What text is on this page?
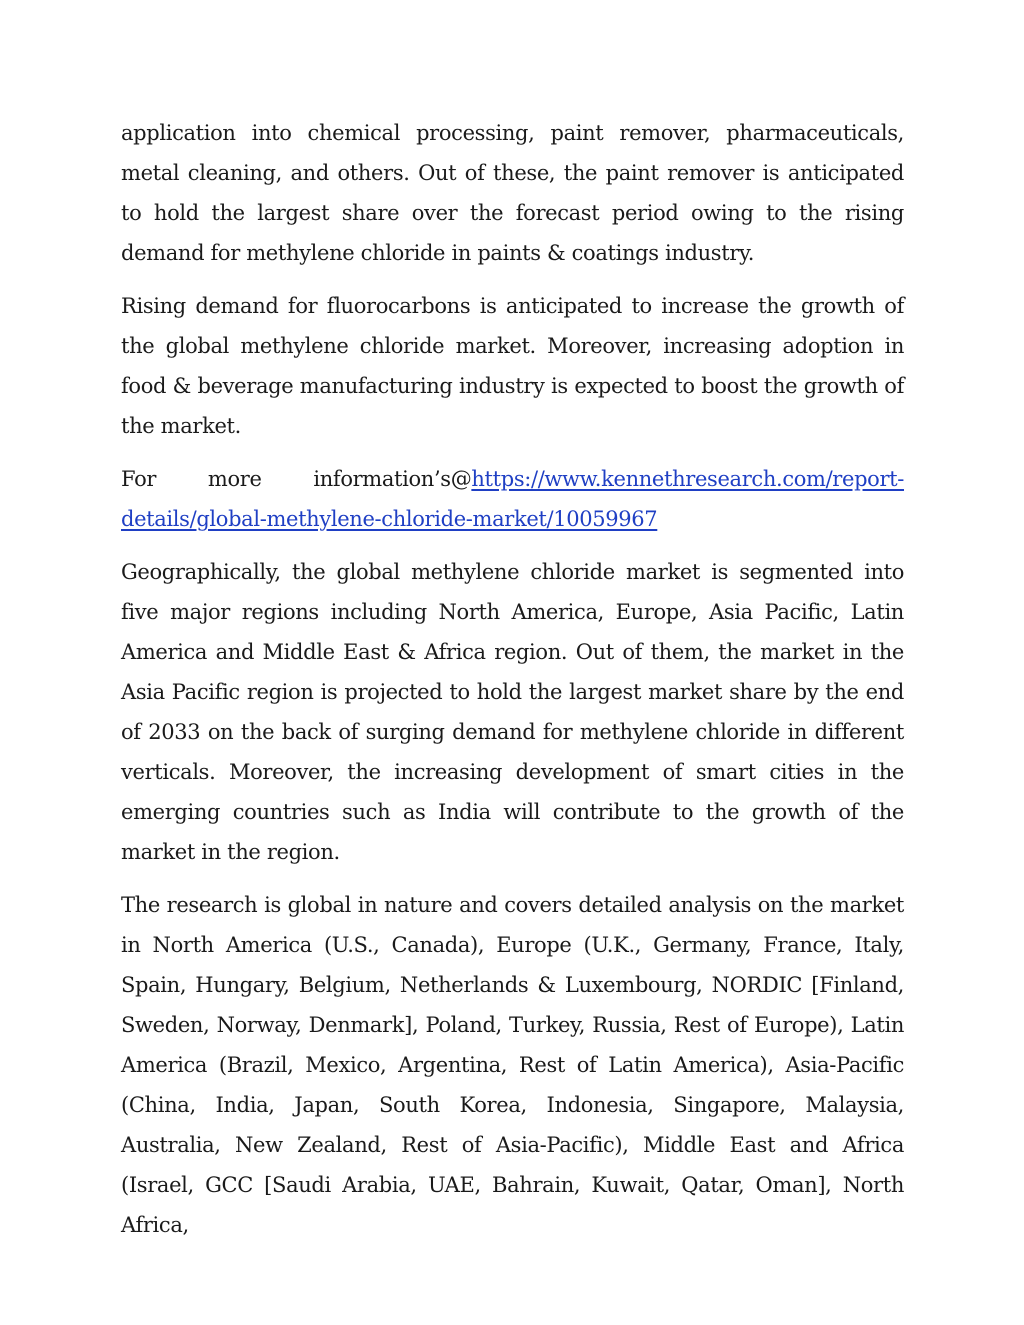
application into chemical processing, paint remover, pharmaceuticals, metal cleaning, and others. Out of these, the paint remover is anticipated to hold the largest share over the forecast period owing to the rising demand for methylene chloride in paints & coatings industry.

Rising demand for fluorocarbons is anticipated to increase the growth of the global methylene chloride market. Moreover, increasing adoption in food & beverage manufacturing industry is expected to boost the growth of the market.

For more information’s@https://www.kennethresearch.com/report-details/global-methylene-chloride-market/10059967

Geographically, the global methylene chloride market is segmented into five major regions including North America, Europe, Asia Pacific, Latin America and Middle East & Africa region. Out of them, the market in the Asia Pacific region is projected to hold the largest market share by the end of 2033 on the back of surging demand for methylene chloride in different verticals. Moreover, the increasing development of smart cities in the emerging countries such as India will contribute to the growth of the market in the region.

The research is global in nature and covers detailed analysis on the market in North America (U.S., Canada), Europe (U.K., Germany, France, Italy, Spain, Hungary, Belgium, Netherlands & Luxembourg, NORDIC [Finland, Sweden, Norway, Denmark], Poland, Turkey, Russia, Rest of Europe), Latin America (Brazil, Mexico, Argentina, Rest of Latin America), Asia-Pacific (China, India, Japan, South Korea, Indonesia, Singapore, Malaysia, Australia, New Zealand, Rest of Asia-Pacific), Middle East and Africa (Israel, GCC [Saudi Arabia, UAE, Bahrain, Kuwait, Qatar, Oman], North Africa,
